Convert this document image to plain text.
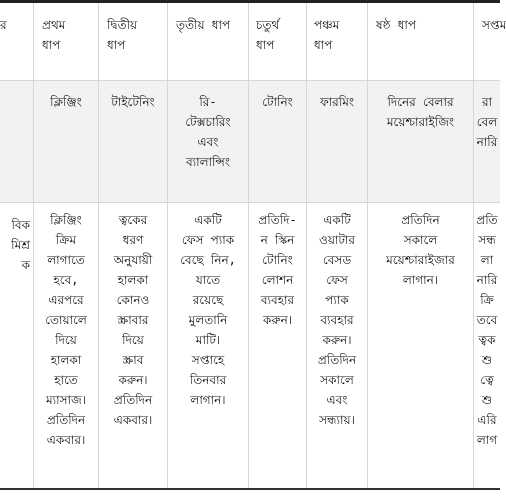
র
বিক
মিশ্র
ক
প্রথম
ধাপ
ক্লিঞ্জিং
ক্লিঞ্জিং
ক্রিম
লাগাতে
হবে,
এরপরে
তোয়ালে
দিয়ে
হালকা
হাতে
ম্যাসাজ।
প্রতিদিন
একবার।
দ্বিতীয়
ধাপ
টাইটেনিং
ত্বকের
ধরণ
অনুযায়ী
হালকা
কোনও
স্ক্রাবার
দিয়ে
স্ক্রাব
করুন।
প্রতিদিন
একবার।
তৃতীয় ধাপ
রি-
টেক্সচারিং
এবং
ব্যালান্সিং
একটি
ফেস প্যাক
বেছে নিন,
যাতে
রয়েছে
মুলতানি
মাটি।
সপ্তাহে
তিনবার
লাগান।
চতুর্থ
ধাপ
টোনিং
প্রতিদি-
ন স্কিন
টোনিং
লোশন
ব্যবহার
করুন।
পঞ্চম
ধাপ
ফারমিং
একটি
ওয়াটার
বেসড
ফেস
প্যাক
ব্যবহার
করুন।
প্রতিদিন
সকালে
এবং
সন্ধ্যায়।
ষষ্ঠ ধাপ
দিনের বেলার
ময়েশ্চারাইজিং
প্রতিদিন
সকালে
ময়েশ্চারাইজার
লাগান।
সপ্তম
রা
বেল
নারি
প্রতি
সন্ধ
লা
নারি
ক্রি
তবে
ত্বক
শু
ত্বে
শু
এরি
লাগ
